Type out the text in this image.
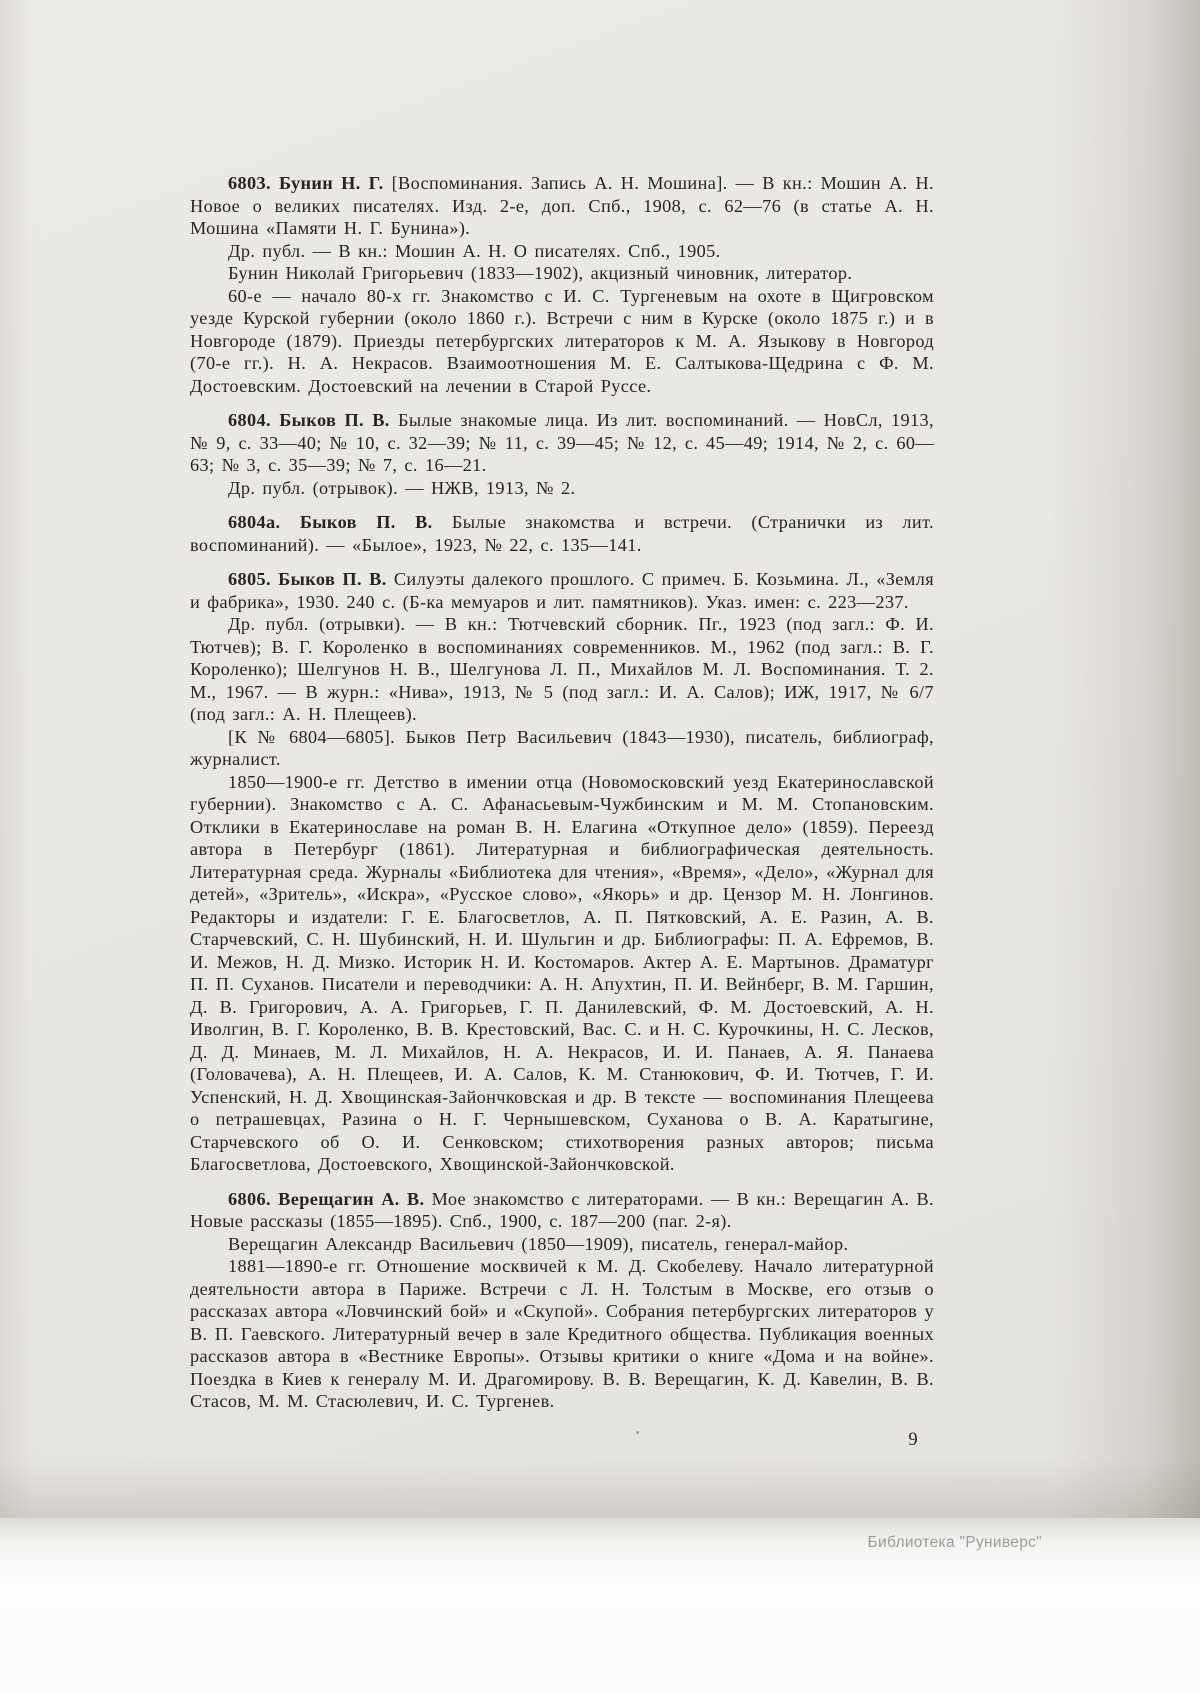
6803. Бунин Н. Г. [Воспоминания. Запись А. Н. Мошина]. — В кн.: Мошин А. Н. Новое о великих писателях. Изд. 2-е, доп. Спб., 1908, с. 62—76 (в статье А. Н. Мошина «Памяти Н. Г. Бунина»).

Др. публ. — В кн.: Мошин А. Н. О писателях. Спб., 1905.

Бунин Николай Григорьевич (1833—1902), акцизный чиновник, литератор.

60-е — начало 80-х гг. Знакомство с И. С. Тургеневым на охоте в Щигровском уезде Курской губернии (около 1860 г.). Встречи с ним в Курске (около 1875 г.) и в Новгороде (1879). Приезды петербургских литераторов к М. А. Языкову в Новгород (70-е гг.). Н. А. Некрасов. Взаимоотношения М. Е. Салтыкова-Щедрина с Ф. М. Достоевским. Достоевский на лечении в Старой Руссе.

6804. Быков П. В. Былые знакомые лица. Из лит. воспоминаний. — НовСл, 1913, № 9, с. 33—40; № 10, с. 32—39; № 11, с. 39—45; № 12, с. 45—49; 1914, № 2, с. 60—63; № 3, с. 35—39; № 7, с. 16—21.

Др. публ. (отрывок). — НЖВ, 1913, № 2.

6804а. Быков П. В. Былые знакомства и встречи. (Странички из лит. воспоминаний). — «Былое», 1923, № 22, с. 135—141.

6805. Быков П. В. Силуэты далекого прошлого. С примеч. Б. Козьмина. Л., «Земля и фабрика», 1930. 240 с. (Б-ка мемуаров и лит. памятников). Указ. имен: с. 223—237.

Др. публ. (отрывки). — В кн.: Тютчевский сборник. Пг., 1923 (под загл.: Ф. И. Тютчев); В. Г. Короленко в воспоминаниях современников. М., 1962 (под загл.: В. Г. Короленко); Шелгунов Н. В., Шелгунова Л. П., Михайлов М. Л. Воспоминания. Т. 2. М., 1967. — В журн.: «Нива», 1913, № 5 (под загл.: И. А. Салов); ИЖ, 1917, № 6/7 (под загл.: А. Н. Плещеев).

[К № 6804—6805]. Быков Петр Васильевич (1843—1930), писатель, библиограф, журналист.

1850—1900-е гг. Детство в имении отца (Новомосковский уезд Екатеринославской губернии). Знакомство с А. С. Афанасьевым-Чужбинским и М. М. Стопановским. Отклики в Екатеринославе на роман В. Н. Елагина «Откупное дело» (1859). Переезд автора в Петербург (1861). Литературная и библиографическая деятельность. Литературная среда. Журналы «Библиотека для чтения», «Время», «Дело», «Журнал для детей», «Зритель», «Искра», «Русское слово», «Якорь» и др. Цензор М. Н. Лонгинов. Редакторы и издатели: Г. Е. Благосветлов, А. П. Пятковский, А. Е. Разин, А. В. Старчевский, С. Н. Шубинский, Н. И. Шульгин и др. Библиографы: П. А. Ефремов, В. И. Межов, Н. Д. Мизко. Историк Н. И. Костомаров. Актер А. Е. Мартынов. Драматург П. П. Суханов. Писатели и переводчики: А. Н. Апухтин, П. И. Вейнберг, В. М. Гаршин, Д. В. Григорович, А. А. Григорьев, Г. П. Данилевский, Ф. М. Достоевский, А. Н. Иволгин, В. Г. Короленко, В. В. Крестовский, Вас. С. и Н. С. Курочкины, Н. С. Лесков, Д. Д. Минаев, М. Л. Михайлов, Н. А. Некрасов, И. И. Панаев, А. Я. Панаева (Головачева), А. Н. Плещеев, И. А. Салов, К. М. Станюкович, Ф. И. Тютчев, Г. И. Успенский, Н. Д. Хвощинская-Зайончковская и др. В тексте — воспоминания Плещеева о петрашевцах, Разина о Н. Г. Чернышевском, Суханова о В. А. Каратыгине, Старчевского об О. И. Сенковском; стихотворения разных авторов; письма Благосветлова, Достоевского, Хвощинской-Зайончковской.

6806. Верещагин А. В. Мое знакомство с литераторами. — В кн.: Верещагин А. В. Новые рассказы (1855—1895). Спб., 1900, с. 187—200 (паг. 2-я).

Верещагин Александр Васильевич (1850—1909), писатель, генерал-майор.

1881—1890-е гг. Отношение москвичей к М. Д. Скобелеву. Начало литературной деятельности автора в Париже. Встречи с Л. Н. Толстым в Москве, его отзыв о рассказах автора «Ловчинский бой» и «Скупой». Собрания петербургских литераторов у В. П. Гаевского. Литературный вечер в зале Кредитного общества. Публикация военных рассказов автора в «Вестнике Европы». Отзывы критики о книге «Дома и на войне». Поездка в Киев к генералу М. И. Драгомирову. В. В. Верещагин, К. Д. Кавелин, В. В. Стасов, М. М. Стасюлевич, И. С. Тургенев.

9
Библиотека "Руниверс"
